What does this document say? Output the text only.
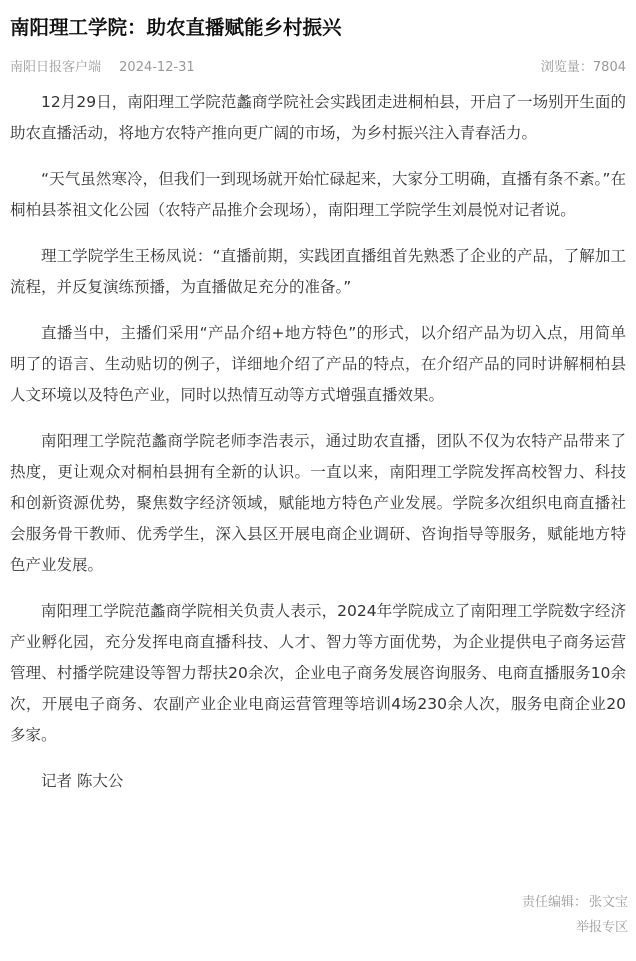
南阳理工学院：助农直播赋能乡村振兴
南阳日报客户端 2024-12-31	浏览量：7804

12月29日，南阳理工学院范蠡商学院社会实践团走进桐柏县，开启了一场别开生面的助农直播活动，将地方农特产推向更广阔的市场，为乡村振兴注入青春活力。

“天气虽然寒冷，但我们一到现场就开始忙碌起来，大家分工明确，直播有条不紊。”在桐柏县茶祖文化公园（农特产品推介会现场），南阳理工学院学生刘晨悦对记者说。

理工学院学生王杨凤说：“直播前期，实践团直播组首先熟悉了企业的产品，了解加工流程，并反复演练预播，为直播做足充分的准备。”

直播当中，主播们采用“产品介绍+地方特色”的形式，以介绍产品为切入点，用简单明了的语言、生动贴切的例子，详细地介绍了产品的特点，在介绍产品的同时讲解桐柏县人文环境以及特色产业，同时以热情互动等方式增强直播效果。

南阳理工学院范蠡商学院老师李浩表示，通过助农直播，团队不仅为农特产品带来了热度，更让观众对桐柏县拥有全新的认识。一直以来，南阳理工学院发挥高校智力、科技和创新资源优势，聚焦数字经济领域，赋能地方特色产业发展。学院多次组织电商直播社会服务骨干教师、优秀学生，深入县区开展电商企业调研、咨询指导等服务，赋能地方特色产业发展。

南阳理工学院范蠡商学院相关负责人表示，2024年学院成立了南阳理工学院数字经济产业孵化园，充分发挥电商直播科技、人才、智力等方面优势，为企业提供电子商务运营管理、村播学院建设等智力帮扶20余次，企业电子商务发展咨询服务、电商直播服务10余次，开展电子商务、农副产业企业电商运营管理等培训4场230余人次，服务电商企业20多家。

记者 陈大公

责任编辑： 张文宝
举报专区
